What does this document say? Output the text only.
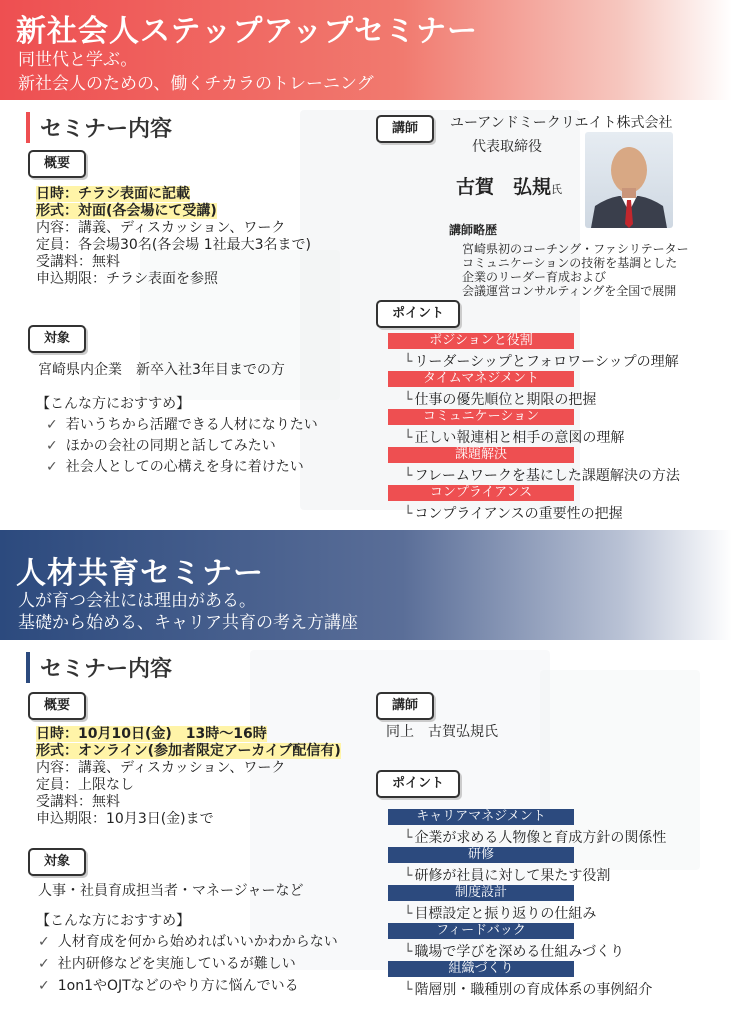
新社会人ステップアップセミナー
同世代と学ぶ。
新社会人のための、働くチカラのトレーニング
セミナー内容
概要
日時：チラシ表面に記載
形式：対面(各会場にて受講)
内容：講義、ディスカッション、ワーク
定員：各会場30名(各会場 1社最大3名まで)
受講料：無料
申込期限：チラシ表面を参照
対象
宮崎県内企業　新卒入社3年目までの方
【こんな方におすすめ】
✓ 若いうちから活躍できる人材になりたい
✓ ほかの会社の同期と話してみたい
✓ 社会人としての心構えを身に着けたい
講師	ユーアンドミークリエイト株式会社
代表取締役
古賀　弘規氏
講師略歴
宮崎県初のコーチング・ファシリテーター
コミュニケーションの技術を基調とした
企業のリーダー育成および
会議運営コンサルティングを全国で展開
ポイント
ポジションと役割
└ リーダーシップとフォロワーシップの理解
タイムマネジメント
└ 仕事の優先順位と期限の把握
コミュニケーション
└ 正しい報連相と相手の意図の理解
課題解決
└ フレームワークを基にした課題解決の方法
コンプライアンス
└ コンプライアンスの重要性の把握
人材共育セミナー
人が育つ会社には理由がある。
基礎から始める、キャリア共育の考え方講座
セミナー内容
概要
日時：10月10日(金)　13時～16時
形式：オンライン(参加者限定アーカイブ配信有)
内容：講義、ディスカッション、ワーク
定員：上限なし
受講料：無料
申込期限：10月3日(金)まで
対象
人事・社員育成担当者・マネージャーなど
【こんな方におすすめ】
✓ 人材育成を何から始めればいいかわからない
✓ 社内研修などを実施しているが難しい
✓ 1on1やOJTなどのやり方に悩んでいる
講師
同上　古賀弘規氏
ポイント
キャリアマネジメント
└ 企業が求める人物像と育成方針の関係性
研修
└ 研修が社員に対して果たす役割
制度設計
└ 目標設定と振り返りの仕組み
フィードバック
└ 職場で学びを深める仕組みづくり
組織づくり
└ 階層別・職種別の育成体系の事例紹介
